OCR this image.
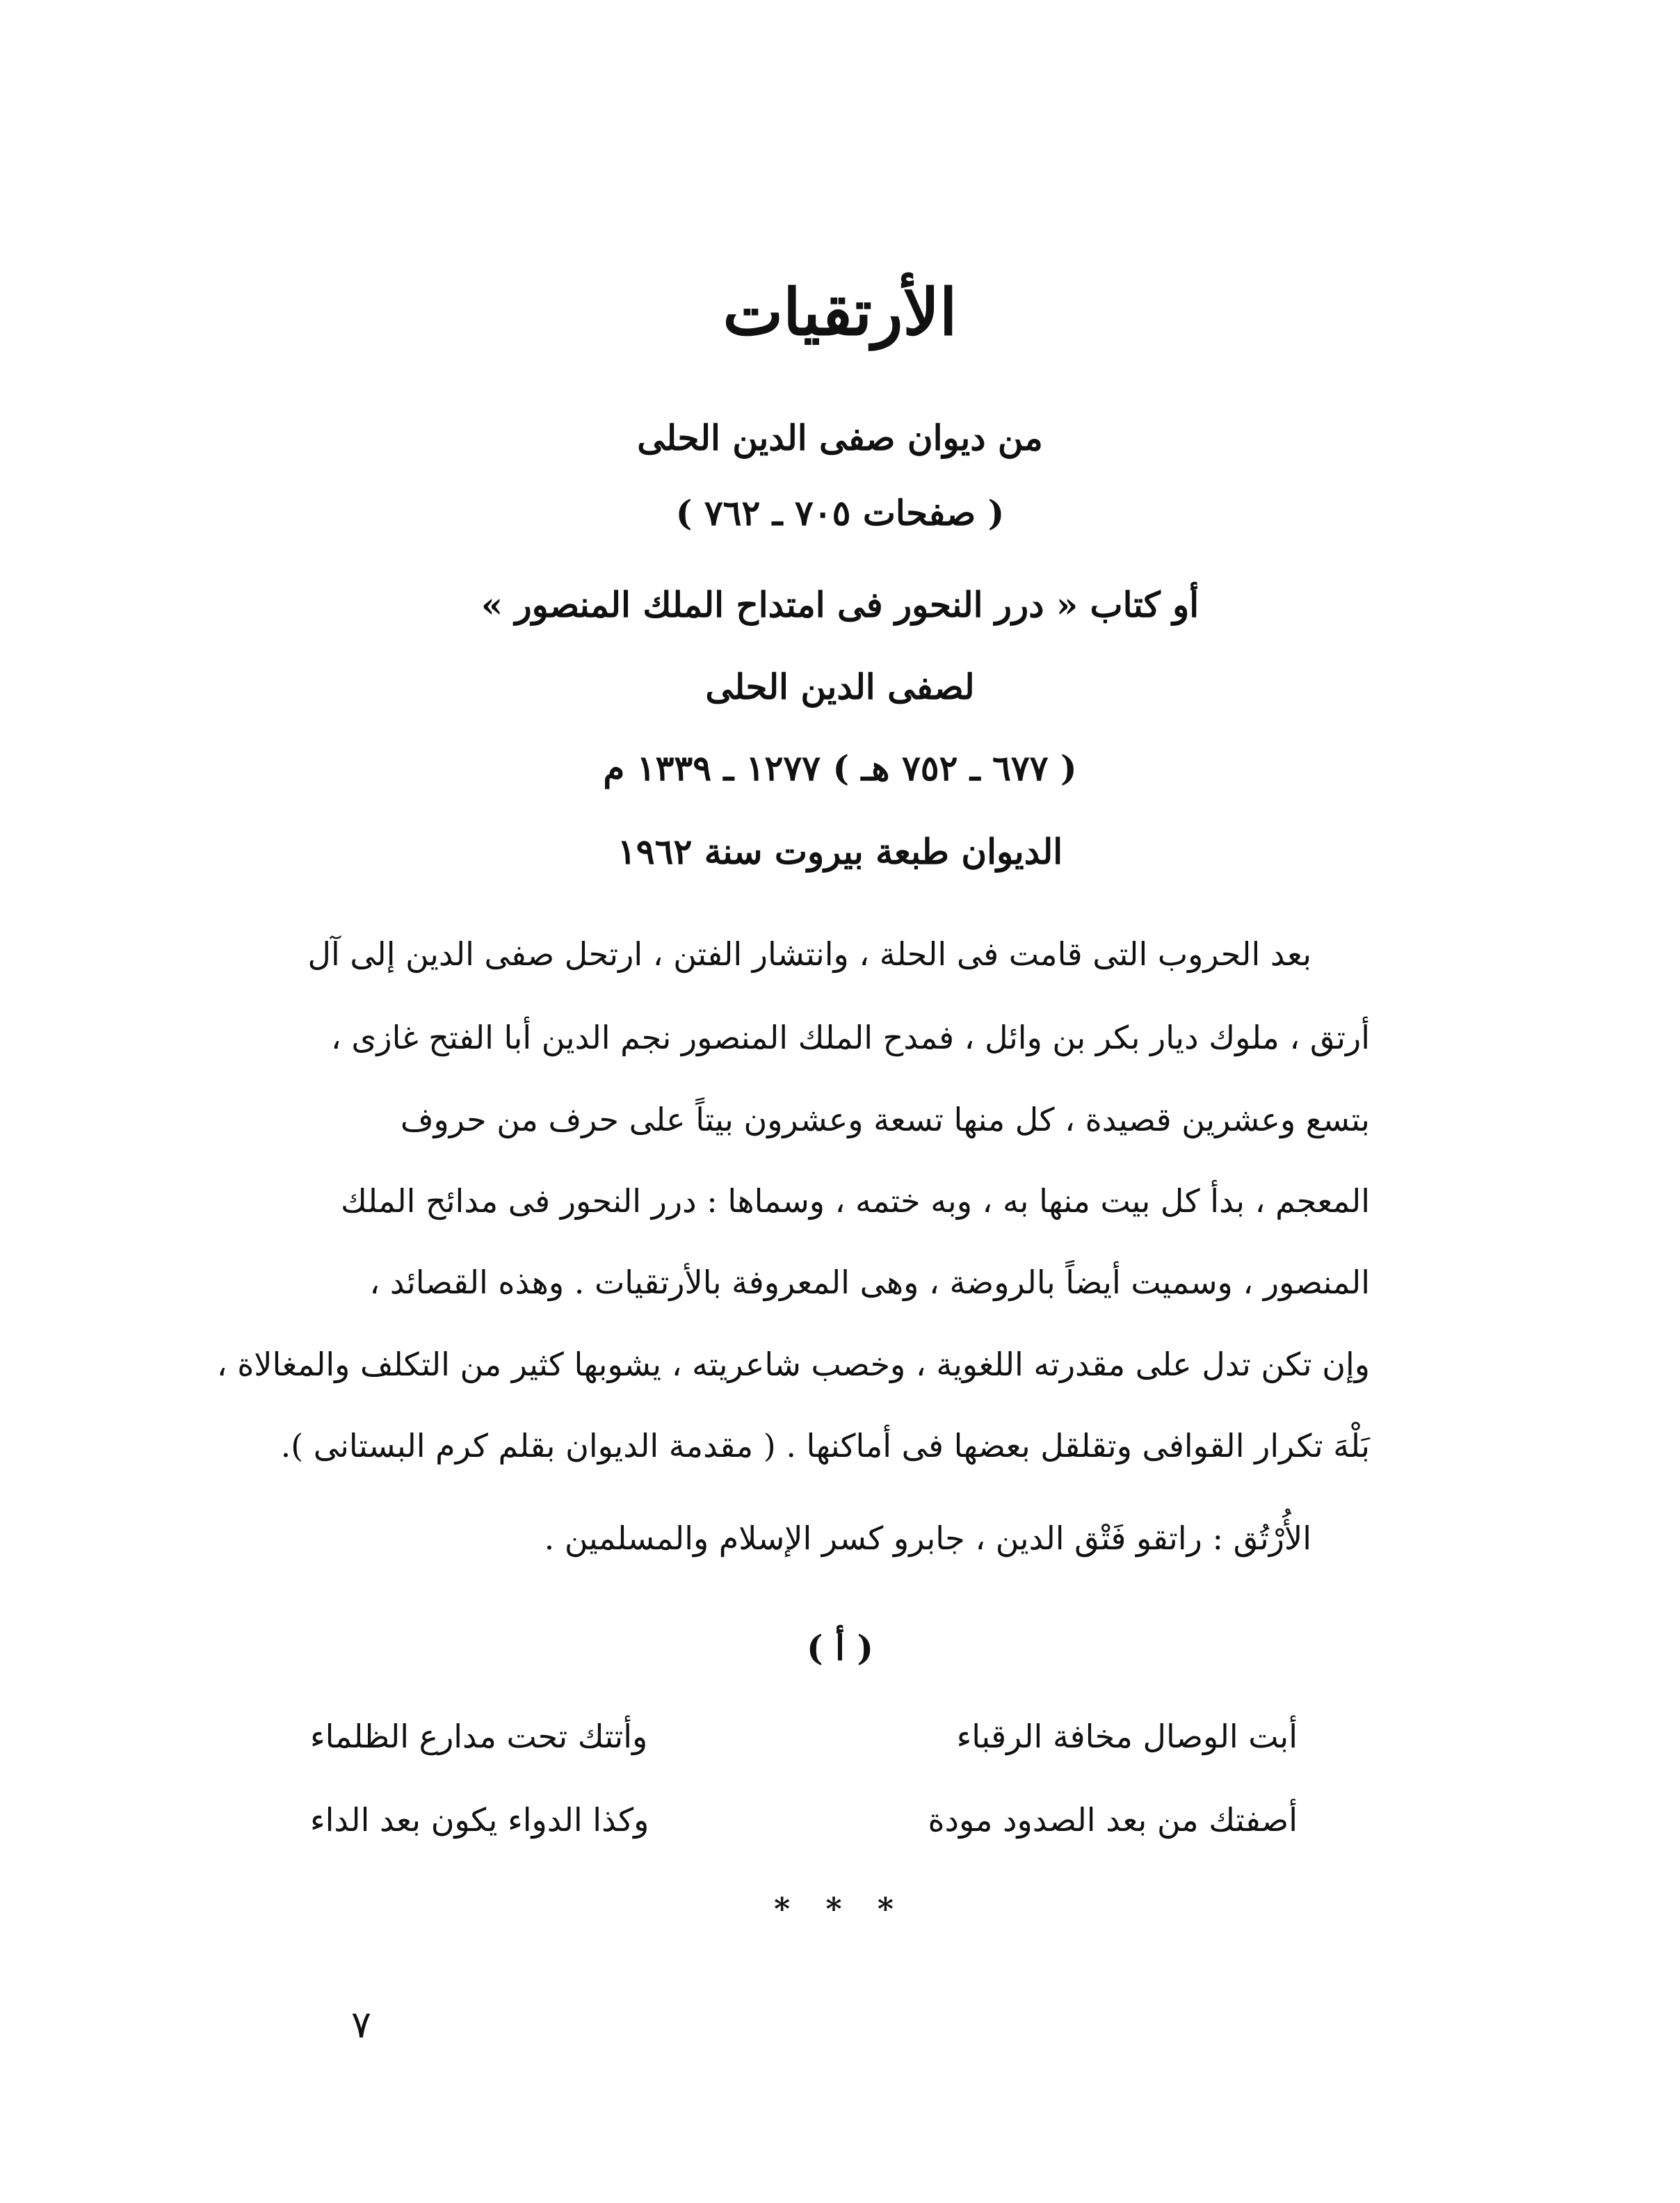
الأرتقيات
من ديوان صفى الدين الحلى
( صفحات ٧٠٥ ـ ٧٦٢ )
أو كتاب « درر النحور فى امتداح الملك المنصور »
لصفى الدين الحلى
( ٦٧٧ ـ ٧٥٢ هـ ) ١٢٧٧ ـ ١٣٣٩ م
الديوان طبعة بيروت سنة ١٩٦٢
بعد الحروب التى قامت فى الحلة ، وانتشار الفتن ، ارتحل صفى الدين إلى آل
أرتق ، ملوك ديار بكر بن وائل ، فمدح الملك المنصور نجم الدين أبا الفتح غازى ،
بتسع وعشرين قصيدة ، كل منها تسعة وعشرون بيتاً على حرف من حروف
المعجم ، بدأ كل بيت منها به ، وبه ختمه ، وسماها : درر النحور فى مدائح الملك
المنصور ، وسميت أيضاً بالروضة ، وهى المعروفة بالأرتقيات . وهذه القصائد ،
وإن تكن تدل على مقدرته اللغوية ، وخصب شاعريته ، يشوبها كثير من التكلف والمغالاة ،
بَلْهَ تكرار القوافى وتقلقل بعضها فى أماكنها . ( مقدمة الديوان بقلم كرم البستانى ).
الأُرْتُق : راتقو فَتْق الدين ، جابرو كسر الإسلام والمسلمين .
( أ )
أبت الوصال مخافة الرقباء
وأتتك تحت مدارع الظلماء
أصفتك من بعد الصدود مودة
وكذا الدواء يكون بعد الداء
* * *
٧
